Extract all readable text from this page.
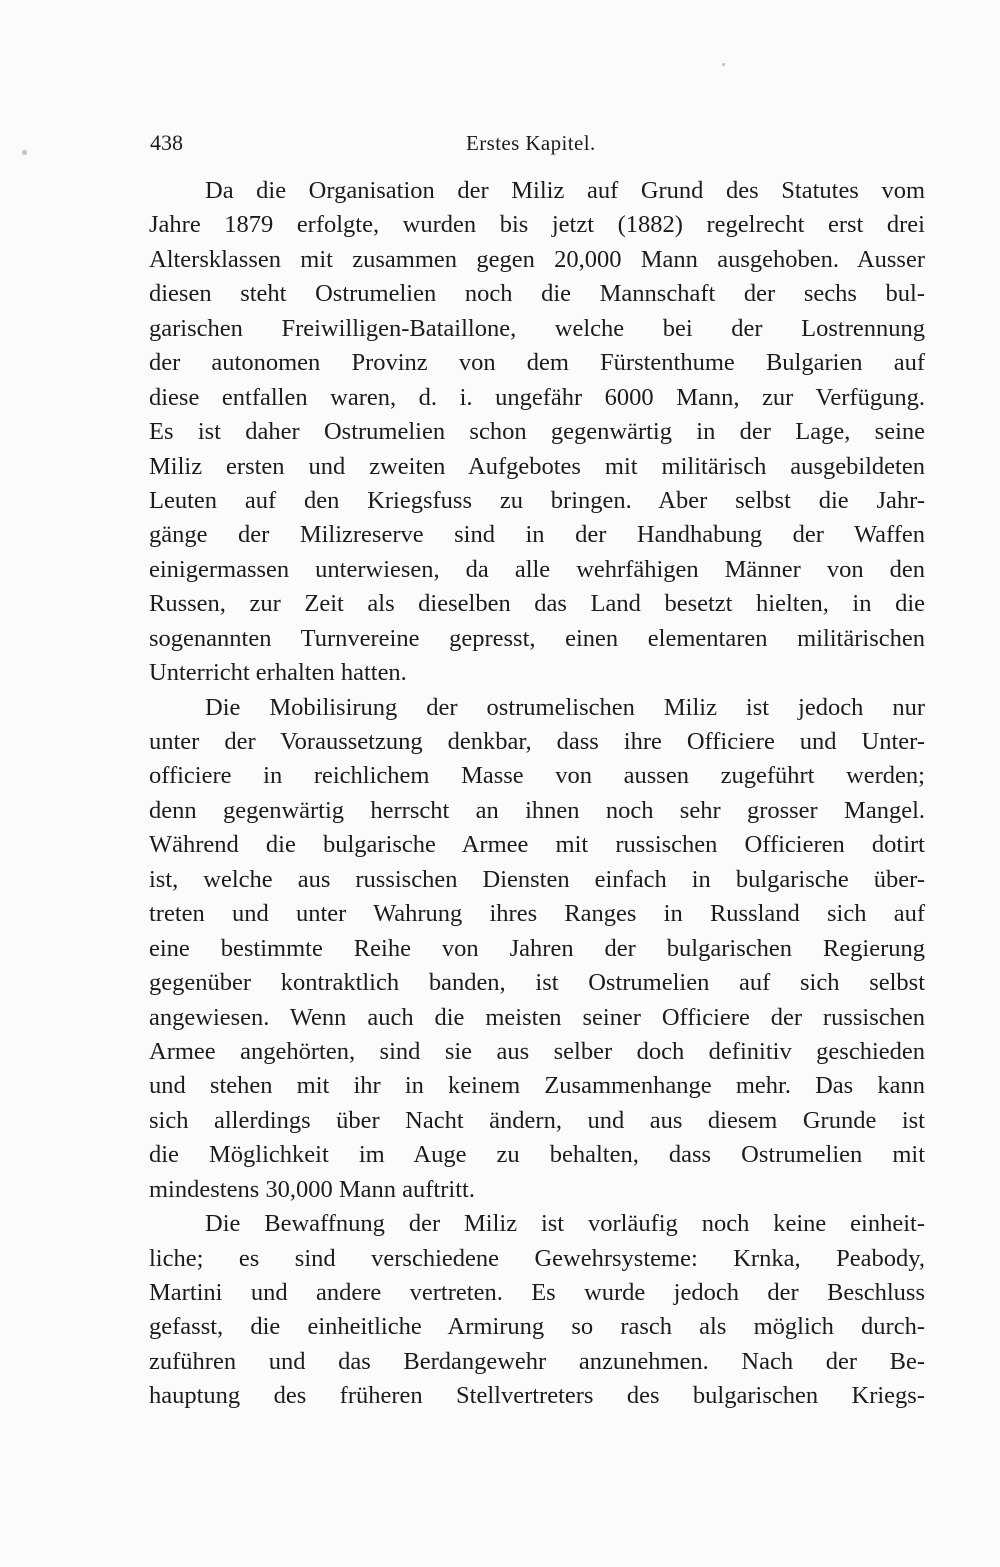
438	Erstes Kapitel.
Da die Organisation der Miliz auf Grund des Statutes vom
Jahre 1879 erfolgte, wurden bis jetzt (1882) regelrecht erst drei
Altersklassen mit zusammen gegen 20,000 Mann ausgehoben. Ausser
diesen steht Ostrumelien noch die Mannschaft der sechs bul-
garischen Freiwilligen-Bataillone, welche bei der Lostrennung
der autonomen Provinz von dem Fürstenthume Bulgarien auf
diese entfallen waren, d. i. ungefähr 6000 Mann, zur Verfügung.
Es ist daher Ostrumelien schon gegenwärtig in der Lage, seine
Miliz ersten und zweiten Aufgebotes mit militärisch ausgebildeten
Leuten auf den Kriegsfuss zu bringen. Aber selbst die Jahr-
gänge der Milizreserve sind in der Handhabung der Waffen
einigermassen unterwiesen, da alle wehrfähigen Männer von den
Russen, zur Zeit als dieselben das Land besetzt hielten, in die
sogenannten Turnvereine gepresst, einen elementaren militärischen
Unterricht erhalten hatten.
Die Mobilisirung der ostrumelischen Miliz ist jedoch nur
unter der Voraussetzung denkbar, dass ihre Officiere und Unter-
officiere in reichlichem Masse von aussen zugeführt werden;
denn gegenwärtig herrscht an ihnen noch sehr grosser Mangel.
Während die bulgarische Armee mit russischen Officieren dotirt
ist, welche aus russischen Diensten einfach in bulgarische über-
treten und unter Wahrung ihres Ranges in Russland sich auf
eine bestimmte Reihe von Jahren der bulgarischen Regierung
gegenüber kontraktlich banden, ist Ostrumelien auf sich selbst
angewiesen. Wenn auch die meisten seiner Officiere der russischen
Armee angehörten, sind sie aus selber doch definitiv geschieden
und stehen mit ihr in keinem Zusammenhange mehr. Das kann
sich allerdings über Nacht ändern, und aus diesem Grunde ist
die Möglichkeit im Auge zu behalten, dass Ostrumelien mit
mindestens 30,000 Mann auftritt.
Die Bewaffnung der Miliz ist vorläufig noch keine einheit-
liche; es sind verschiedene Gewehrsysteme: Krnka, Peabody,
Martini und andere vertreten. Es wurde jedoch der Beschluss
gefasst, die einheitliche Armirung so rasch als möglich durch-
zuführen und das Berdangewehr anzunehmen. Nach der Be-
hauptung des früheren Stellvertreters des bulgarischen Kriegs-
